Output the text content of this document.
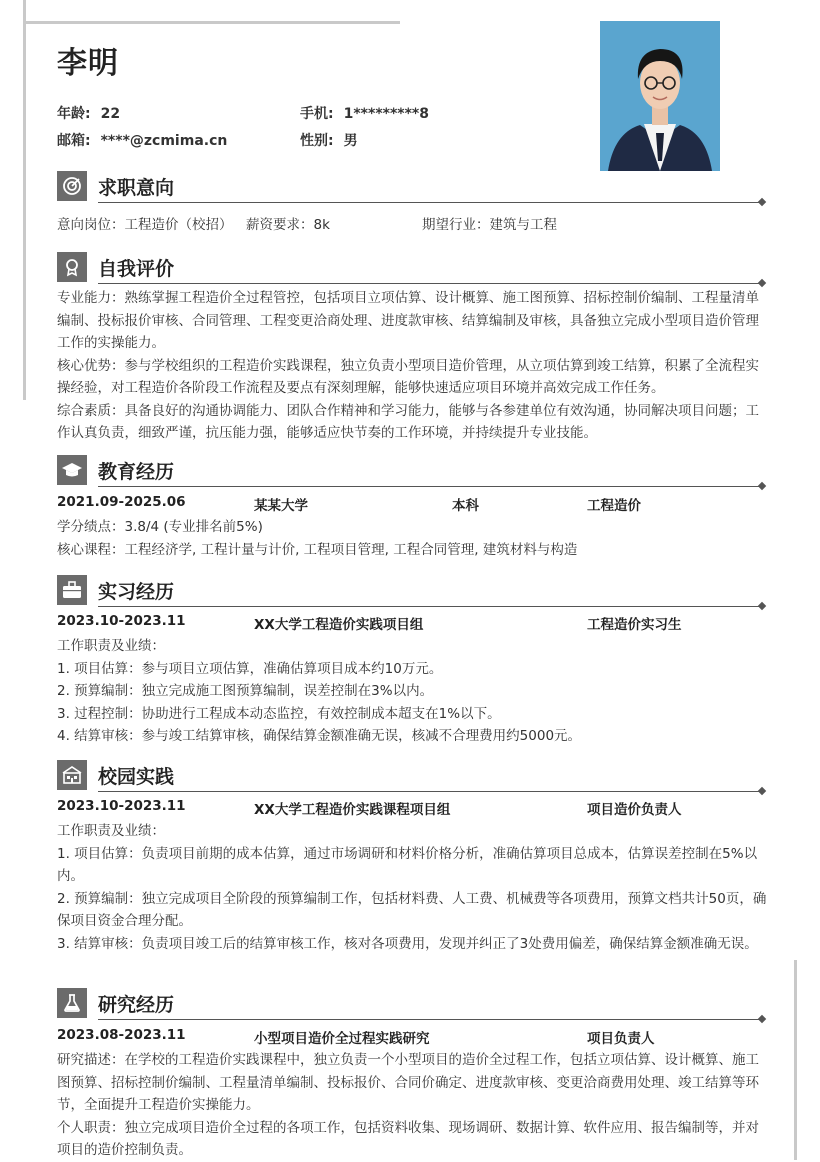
李明
年龄: 22	手机: 1*********8
邮箱: ****@zcmima.cn	性别: 男
求职意向
意向岗位：工程造价（校招） 薪资要求：8k	期望行业：建筑与工程
自我评价
专业能力：熟练掌握工程造价全过程管控，包括项目立项估算、设计概算、施工图预算、招标控制价编制、工程量清单编制、投标报价审核、合同管理、工程变更洽商处理、进度款审核、结算编制及审核，具备独立完成小型项目造价管理工作的实操能力。
核心优势：参与学校组织的工程造价实践课程，独立负责小型项目造价管理，从立项估算到竣工结算，积累了全流程实操经验，对工程造价各阶段工作流程及要点有深刻理解，能够快速适应项目环境并高效完成工作任务。
综合素质：具备良好的沟通协调能力、团队合作精神和学习能力，能够与各参建单位有效沟通，协同解决项目问题；工作认真负责，细致严谨，抗压能力强，能够适应快节奏的工作环境，并持续提升专业技能。
教育经历
2021.09-2025.06	某某大学	本科	工程造价
学分绩点：3.8/4 (专业排名前5%)
核心课程：工程经济学, 工程计量与计价, 工程项目管理, 工程合同管理, 建筑材料与构造
实习经历
2023.10-2023.11	XX大学工程造价实践项目组	工程造价实习生
工作职责及业绩：
1. 项目估算：参与项目立项估算，准确估算项目成本约10万元。
2. 预算编制：独立完成施工图预算编制，误差控制在3%以内。
3. 过程控制：协助进行工程成本动态监控，有效控制成本超支在1%以下。
4. 结算审核：参与竣工结算审核，确保结算金额准确无误，核减不合理费用约5000元。
校园实践
2023.10-2023.11	XX大学工程造价实践课程项目组	项目造价负责人
工作职责及业绩：
1. 项目估算：负责项目前期的成本估算，通过市场调研和材料价格分析，准确估算项目总成本，估算误差控制在5%以内。
2. 预算编制：独立完成项目全阶段的预算编制工作，包括材料费、人工费、机械费等各项费用，预算文档共计50页，确保项目资金合理分配。
3. 结算审核：负责项目竣工后的结算审核工作，核对各项费用，发现并纠正了3处费用偏差，确保结算金额准确无误。
研究经历
2023.08-2023.11	小型项目造价全过程实践研究	项目负责人
研究描述：在学校的工程造价实践课程中，独立负责一个小型项目的造价全过程工作，包括立项估算、设计概算、施工图预算、招标控制价编制、工程量清单编制、投标报价、合同价确定、进度款审核、变更洽商费用处理、竣工结算等环节，全面提升工程造价实操能力。
个人职责：独立完成项目造价全过程的各项工作，包括资料收集、现场调研、数据计算、软件应用、报告编制等，并对项目的造价控制负责。
